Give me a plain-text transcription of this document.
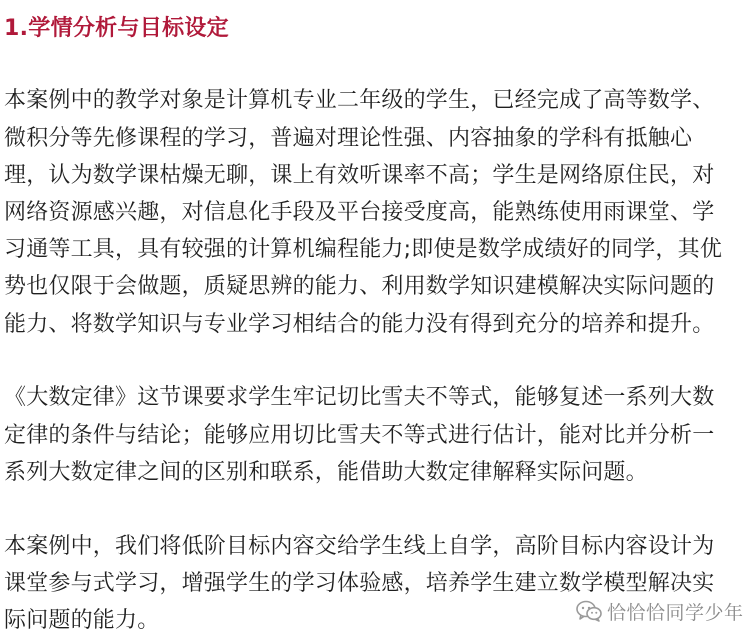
1.学情分析与目标设定

本案例中的教学对象是计算机专业二年级的学生，已经完成了高等数学、

微积分等先修课程的学习，普遍对理论性强、内容抽象的学科有抵触心

理，认为数学课枯燥无聊，课上有效听课率不高；学生是网络原住民，对

网络资源感兴趣，对信息化手段及平台接受度高，能熟练使用雨课堂、学

习通等工具，具有较强的计算机编程能力;即使是数学成绩好的同学，其优

势也仅限于会做题，质疑思辨的能力、利用数学知识建模解决实际问题的

能力、将数学知识与专业学习相结合的能力没有得到充分的培养和提升。

《大数定律》这节课要求学生牢记切比雪夫不等式，能够复述一系列大数

定律的条件与结论；能够应用切比雪夫不等式进行估计，能对比并分析一

系列大数定律之间的区别和联系，能借助大数定律解释实际问题。

本案例中，我们将低阶目标内容交给学生线上自学，高阶目标内容设计为

课堂参与式学习，增强学生的学习体验感，培养学生建立数学模型解决实

际问题的能力。	恰恰恰同学少年
